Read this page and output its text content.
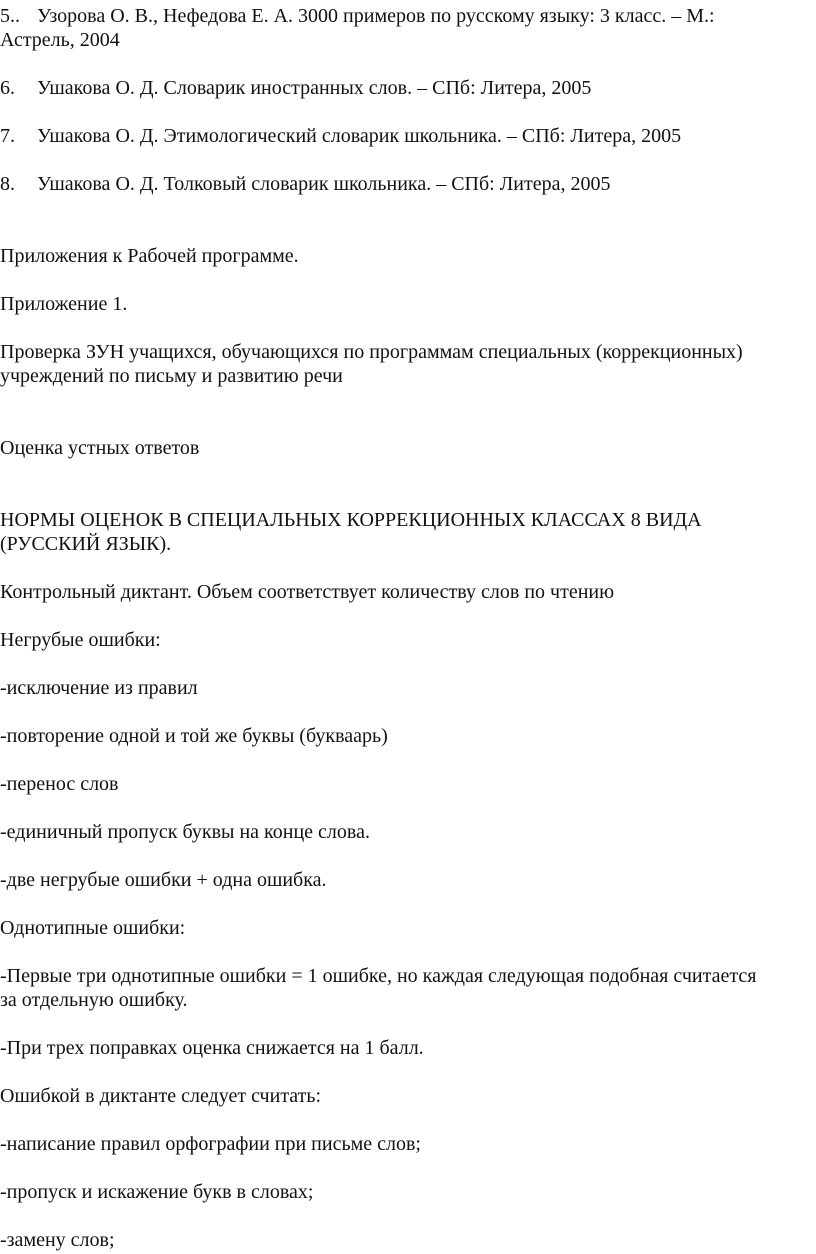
5.. Узорова О. В., Нефедова Е. А. 3000 примеров по русскому языку: 3 класс. – М.:
Астрель, 2004
6. Ушакова О. Д. Словарик иностранных слов. – СПб: Литера, 2005
7. Ушакова О. Д. Этимологический словарик школьника. – СПб: Литера, 2005
8. Ушакова О. Д. Толковый словарик школьника. – СПб: Литера, 2005
Приложения к Рабочей программе.
Приложение 1.
Проверка ЗУН учащихся, обучающихся по программам специальных (коррекционных)
учреждений по письму и развитию речи
Оценка устных ответов
НОРМЫ ОЦЕНОК В СПЕЦИАЛЬНЫХ КОРРЕКЦИОННЫХ КЛАССАХ 8 ВИДА
(РУССКИЙ ЯЗЫК).
Контрольный диктант. Объем соответствует количеству слов по чтению
Негрубые ошибки:
-исключение из правил
-повторение одной и той же буквы (букваарь)
-перенос слов
-единичный пропуск буквы на конце слова.
-две негрубые ошибки + одна ошибка.
Однотипные ошибки:
-Первые три однотипные ошибки = 1 ошибке, но каждая следующая подобная считается
за отдельную ошибку.
-При трех поправках оценка снижается на 1 балл.
Ошибкой в диктанте следует считать:
-написание правил орфографии при письме слов;
-пропуск и искажение букв в словах;
-замену слов;
